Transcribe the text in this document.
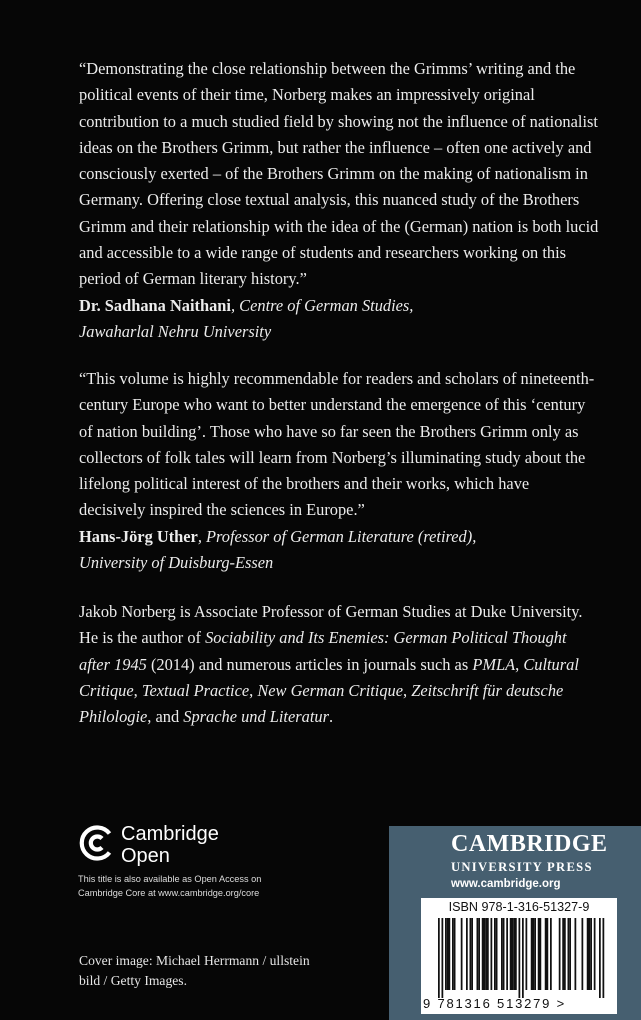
“Demonstrating the close relationship between the Grimms’ writing and the political events of their time, Norberg makes an impressively original contribution to a much studied field by showing not the influence of nationalist ideas on the Brothers Grimm, but rather the influence – often one actively and consciously exerted – of the Brothers Grimm on the making of nationalism in Germany. Offering close textual analysis, this nuanced study of the Brothers Grimm and their relationship with the idea of the (German) nation is both lucid and accessible to a wide range of students and researchers working on this period of German literary history.”

Dr. Sadhana Naithani, Centre of German Studies,

Jawaharlal Nehru University

“This volume is highly recommendable for readers and scholars of nineteenth-century Europe who want to better understand the emergence of this ‘century of nation building’. Those who have so far seen the Brothers Grimm only as collectors of folk tales will learn from Norberg’s illuminating study about the lifelong political interest of the brothers and their works, which have decisively inspired the sciences in Europe.”

Hans-Jörg Uther, Professor of German Literature (retired),

University of Duisburg-Essen

Jakob Norberg is Associate Professor of German Studies at Duke University. He is the author of Sociability and Its Enemies: German Political Thought after 1945 (2014) and numerous articles in journals such as PMLA, Cultural Critique, Textual Practice, New German Critique, Zeitschrift für deutsche Philologie, and Sprache und Literatur.

Cambridge
Open
This title is also available as Open Access on Cambridge Core at www.cambridge.org/core
Cover image: Michael Herrmann / ullstein bild / Getty Images.
CAMBRIDGE
UNIVERSITY PRESS
www.cambridge.org
ISBN 978-1-316-51327-9
9 781316 513279 >
